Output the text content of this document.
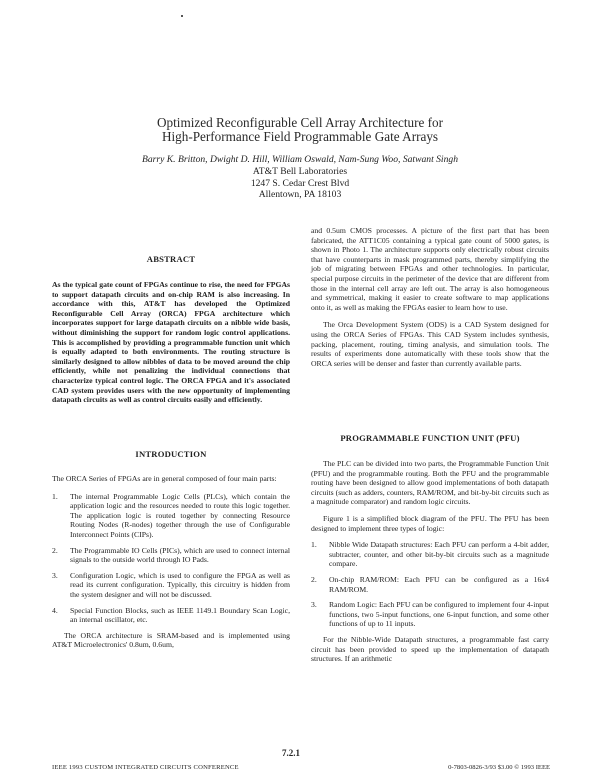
Optimized Reconfigurable Cell Array Architecture for
High-Performance Field Programmable Gate Arrays
Barry K. Britton, Dwight D. Hill, William Oswald, Nam-Sung Woo, Satwant Singh
AT&T Bell Laboratories
1247 S. Cedar Crest Blvd
Allentown, PA 18103
ABSTRACT

As the typical gate count of FPGAs continue to rise, the need for FPGAs to support datapath circuits and on-chip RAM is also increasing. In accordance with this, AT&T has developed the Optimized Reconfigurable Cell Array (ORCA) FPGA architecture which incorporates support for large datapath circuits on a nibble wide basis, without diminishing the support for random logic control applications. This is accomplished by providing a programmable function unit which is equally adapted to both environments. The routing structure is similarly designed to allow nibbles of data to be moved around the chip efficiently, while not penalizing the individual connections that characterize typical control logic. The ORCA FPGA and it's associated CAD system provides users with the new opportunity of implementing datapath circuits as well as control circuits easily and efficiently.

INTRODUCTION

The ORCA Series of FPGAs are in general composed of four main parts:

1. The internal Programmable Logic Cells (PLCs), which contain the application logic and the resources needed to route this logic together. The application logic is routed together by connecting Resource Routing Nodes (R-nodes) together through the use of Configurable Interconnect Points (CIPs).
2. The Programmable IO Cells (PICs), which are used to connect internal signals to the outside world through IO Pads.
3. Configuration Logic, which is used to configure the FPGA as well as read its current configuration. Typically, this circuitry is hidden from the system designer and will not be discussed.
4. Special Function Blocks, such as IEEE 1149.1 Boundary Scan Logic, an internal oscillator, etc.

The ORCA architecture is SRAM-based and is implemented using AT&T Microelectronics' 0.8um, 0.6um,

and 0.5um CMOS processes. A picture of the first part that has been fabricated, the ATT1C05 containing a typical gate count of 5000 gates, is shown in Photo 1. The architecture supports only electrically robust circuits that have counterparts in mask programmed parts, thereby simplifying the job of migrating between FPGAs and other technologies. In particular, special purpose circuits in the perimeter of the device that are different from those in the internal cell array are left out. The array is also homogeneous and symmetrical, making it easier to create software to map applications onto it, as well as making the FPGAs easier to learn how to use.

The Orca Development System (ODS) is a CAD System designed for using the ORCA Series of FPGAs. This CAD System includes synthesis, packing, placement, routing, timing analysis, and simulation tools. The results of experiments done automatically with these tools show that the ORCA series will be denser and faster than currently available parts.

PROGRAMMABLE FUNCTION UNIT (PFU)

The PLC can be divided into two parts, the Programmable Function Unit (PFU) and the programmable routing. Both the PFU and the programmable routing have been designed to allow good implementations of both datapath circuits (such as adders, counters, RAM/ROM, and bit-by-bit circuits such as a magnitude comparator) and random logic circuits.

Figure 1 is a simplified block diagram of the PFU. The PFU has been designed to implement three types of logic:

1. Nibble Wide Datapath structures: Each PFU can perform a 4-bit adder, subtracter, counter, and other bit-by-bit circuits such as a magnitude compare.
2. On-chip RAM/ROM: Each PFU can be configured as a 16x4 RAM/ROM.
3. Random Logic: Each PFU can be configured to implement four 4-input functions, two 5-input functions, one 6-input function, and some other functions of up to 11 inputs.

For the Nibble-Wide Datapath structures, a programmable fast carry circuit has been provided to speed up the implementation of datapath structures. If an arithmetic

7.2.1
IEEE 1993 CUSTOM INTEGRATED CIRCUITS CONFERENCE	0-7803-0826-3/93 $3.00 © 1993 IEEE
